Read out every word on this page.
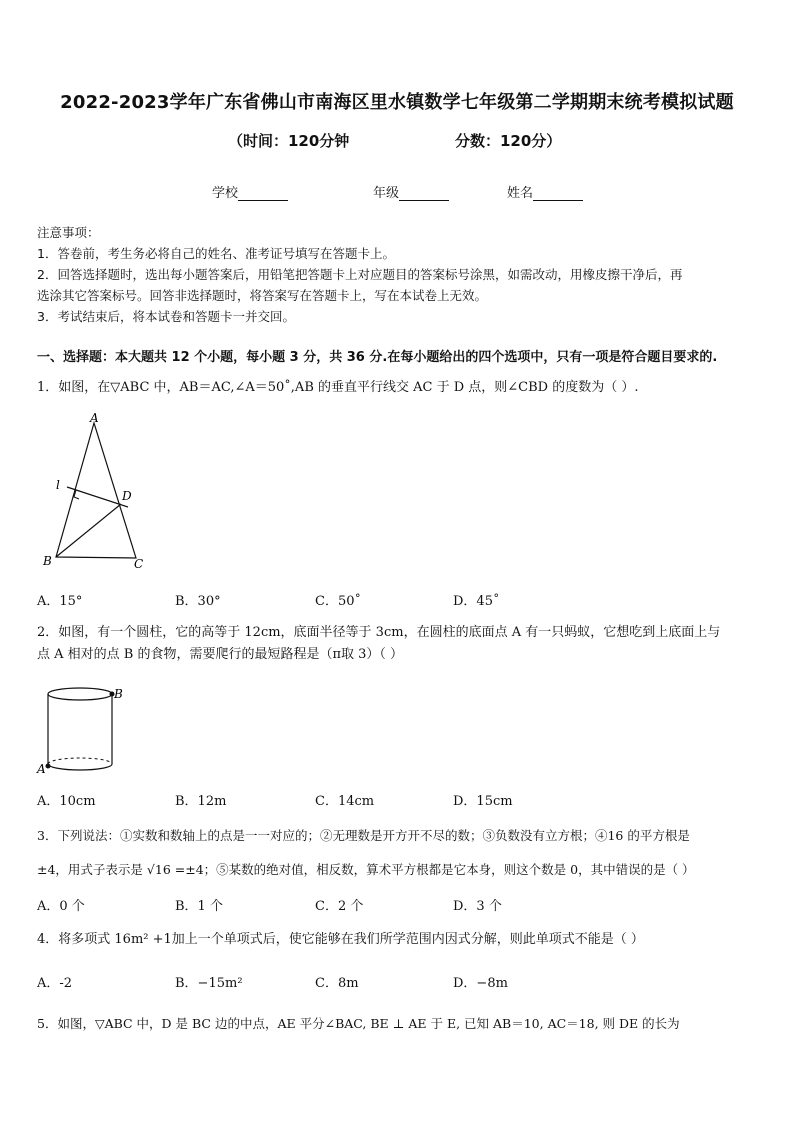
2022-2023学年广东省佛山市南海区里水镇数学七年级第二学期期末统考模拟试题
（时间：120分钟	分数：120分）
学校	年级	姓名
注意事项：
1．答卷前，考生务必将自己的姓名、准考证号填写在答题卡上。
2．回答选择题时，选出每小题答案后，用铅笔把答题卡上对应题目的答案标号涂黑，如需改动，用橡皮擦干净后，再
选涂其它答案标号。回答非选择题时，将答案写在答题卡上，写在本试卷上无效。
3．考试结束后，将本试卷和答题卡一并交回。
一、选择题：本大题共 12 个小题，每小题 3 分，共 36 分.在每小题给出的四个选项中，只有一项是符合题目要求的.
1．如图，在▽ABC 中，AB＝AC,∠A＝50˚,AB 的垂直平行线交 AC 于 D 点，则∠CBD 的度数为（ ）.
A
B	C
D
l
A．15°	B．30°	C．50˚	D．45˚
2．如图，有一个圆柱，它的高等于 12cm，底面半径等于 3cm，在圆柱的底面点 A 有一只蚂蚁，它想吃到上底面上与
点 A 相对的点 B 的食物，需要爬行的最短路程是（π取 3）（ ）
B
A
A．10cm	B．12m	C．14cm	D．15cm
3．下列说法：①实数和数轴上的点是一一对应的；②无理数是开方开不尽的数；③负数没有立方根；④16 的平方根是
±4，用式子表示是 √16 =±4；⑤某数的绝对值，相反数，算术平方根都是它本身，则这个数是 0，其中错误的是（ ）
A．0 个	B．1 个	C．2 个	D．3 个
4．将多项式 16m² +1加上一个单项式后，使它能够在我们所学范围内因式分解，则此单项式不能是（ ）
A．-2	B．−15m²	C．8m	D．−8m
5．如图，▽ABC 中，D 是 BC 边的中点，AE 平分∠BAC, BE ⊥ AE 于 E, 已知 AB＝10, AC＝18, 则 DE 的长为
